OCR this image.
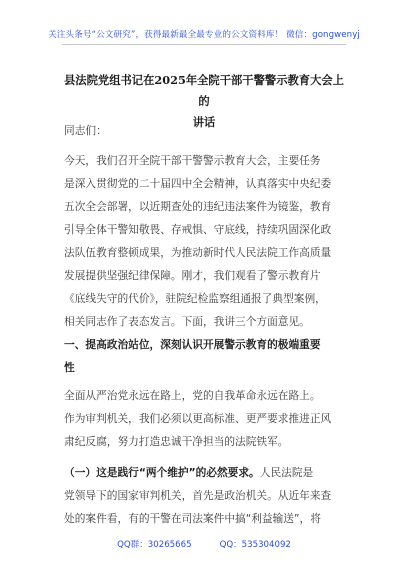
关注头条号“公文研究”，获得最新最全最专业的公文资料库！ 微信：gongwenyj
县法院党组书记在2025年全院干部干警警示教育大会上的
讲话
同志们：
今天，我们召开全院干部干警警示教育大会，主要任务
是深入贯彻党的二十届四中全会精神，认真落实中央纪委
五次全会部署，以近期查处的违纪违法案件为镜鉴，教育
引导全体干警知敬畏、存戒惧、守底线，持续巩固深化政
法队伍教育整顿成果，为推动新时代人民法院工作高质量
发展提供坚强纪律保障。刚才，我们观看了警示教育片
《底线失守的代价》，驻院纪检监察组通报了典型案例，
相关同志作了表态发言。下面，我讲三个方面意见。
一、提高政治站位，深刻认识开展警示教育的极端重要
性
全面从严治党永远在路上，党的自我革命永远在路上。
作为审判机关，我们必须以更高标准、更严要求推进正风
肃纪反腐，努力打造忠诚干净担当的法院铁军。
（一）这是践行“两个维护”的必然要求。人民法院是
党领导下的国家审判机关，首先是政治机关。从近年来查
处的案件看，有的干警在司法案件中搞“利益输送”，将
QQ群：30265665	QQ：535304092
